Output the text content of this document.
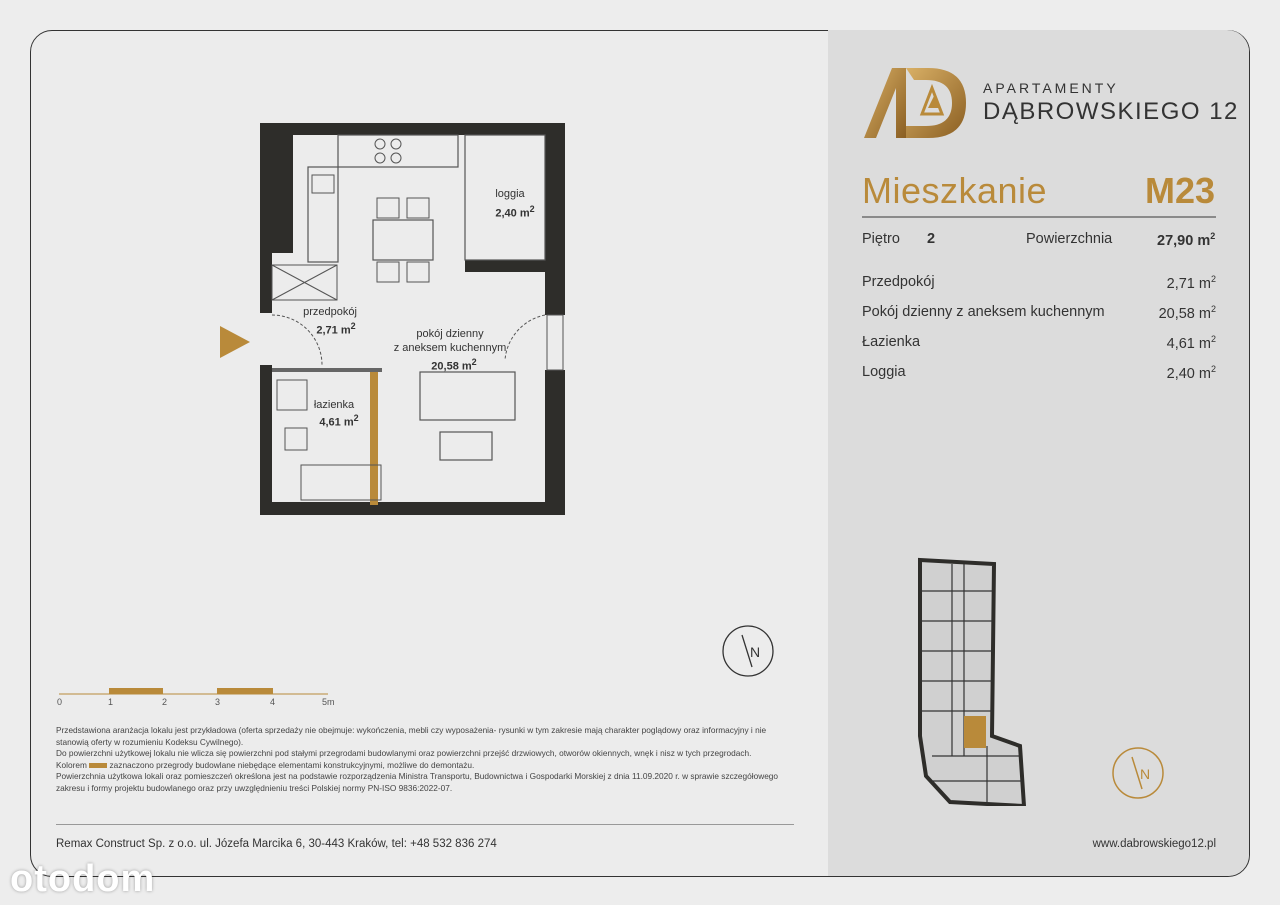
APARTAMENTY
DĄBROWSKIEGO 12
Mieszkanie	M23
Piętro 2	Powierzchnia	27,90 $m^2$
Przedpokój	2,71 $m^2$
Pokój dzienny z aneksem kuchennym	20,58 $m^2$
Łazienka	4,61 $m^2$
Loggia	2,40 $m^2$
loggia
2,40 $m^2$
przedpokój
2,71 $m^2$
pokój dzienny
z aneksem kuchennym
20,58 $m^2$
łazienka
4,61 $m^2$
N
0	1	2	3	4	5m
N

Przedstawiona aranżacja lokalu jest przykładowa (oferta sprzedaży nie obejmuje: wykończenia, mebli czy wyposażenia- rysunki w tym zakresie mają charakter poglądowy oraz informacyjny i nie stanowią oferty w rozumieniu Kodeksu Cywilnego).

Do powierzchni użytkowej lokalu nie wlicza się powierzchni pod stałymi przegrodami budowlanymi oraz powierzchni przejść drzwiowych, otworów okiennych, wnęk i nisz w tych przegrodach.

Kolorem	zaznaczono przegrody budowlane niebędące elementami konstrukcyjnymi, możliwe do demontażu.

Powierzchnia użytkowa lokali oraz pomieszczeń określona jest na podstawie rozporządzenia Ministra Transportu, Budownictwa i Gospodarki Morskiej z dnia 11.09.2020 r. w sprawie szczegółowego zakresu i formy projektu budowlanego oraz przy uwzględnieniu treści Polskiej normy PN-ISO 9836:2022-07.

Remax Construct Sp. z o.o. ul. Józefa Marcika 6, 30-443 Kraków, tel: +48 532 836 274	www.dabrowskiego12.pl
otodom
